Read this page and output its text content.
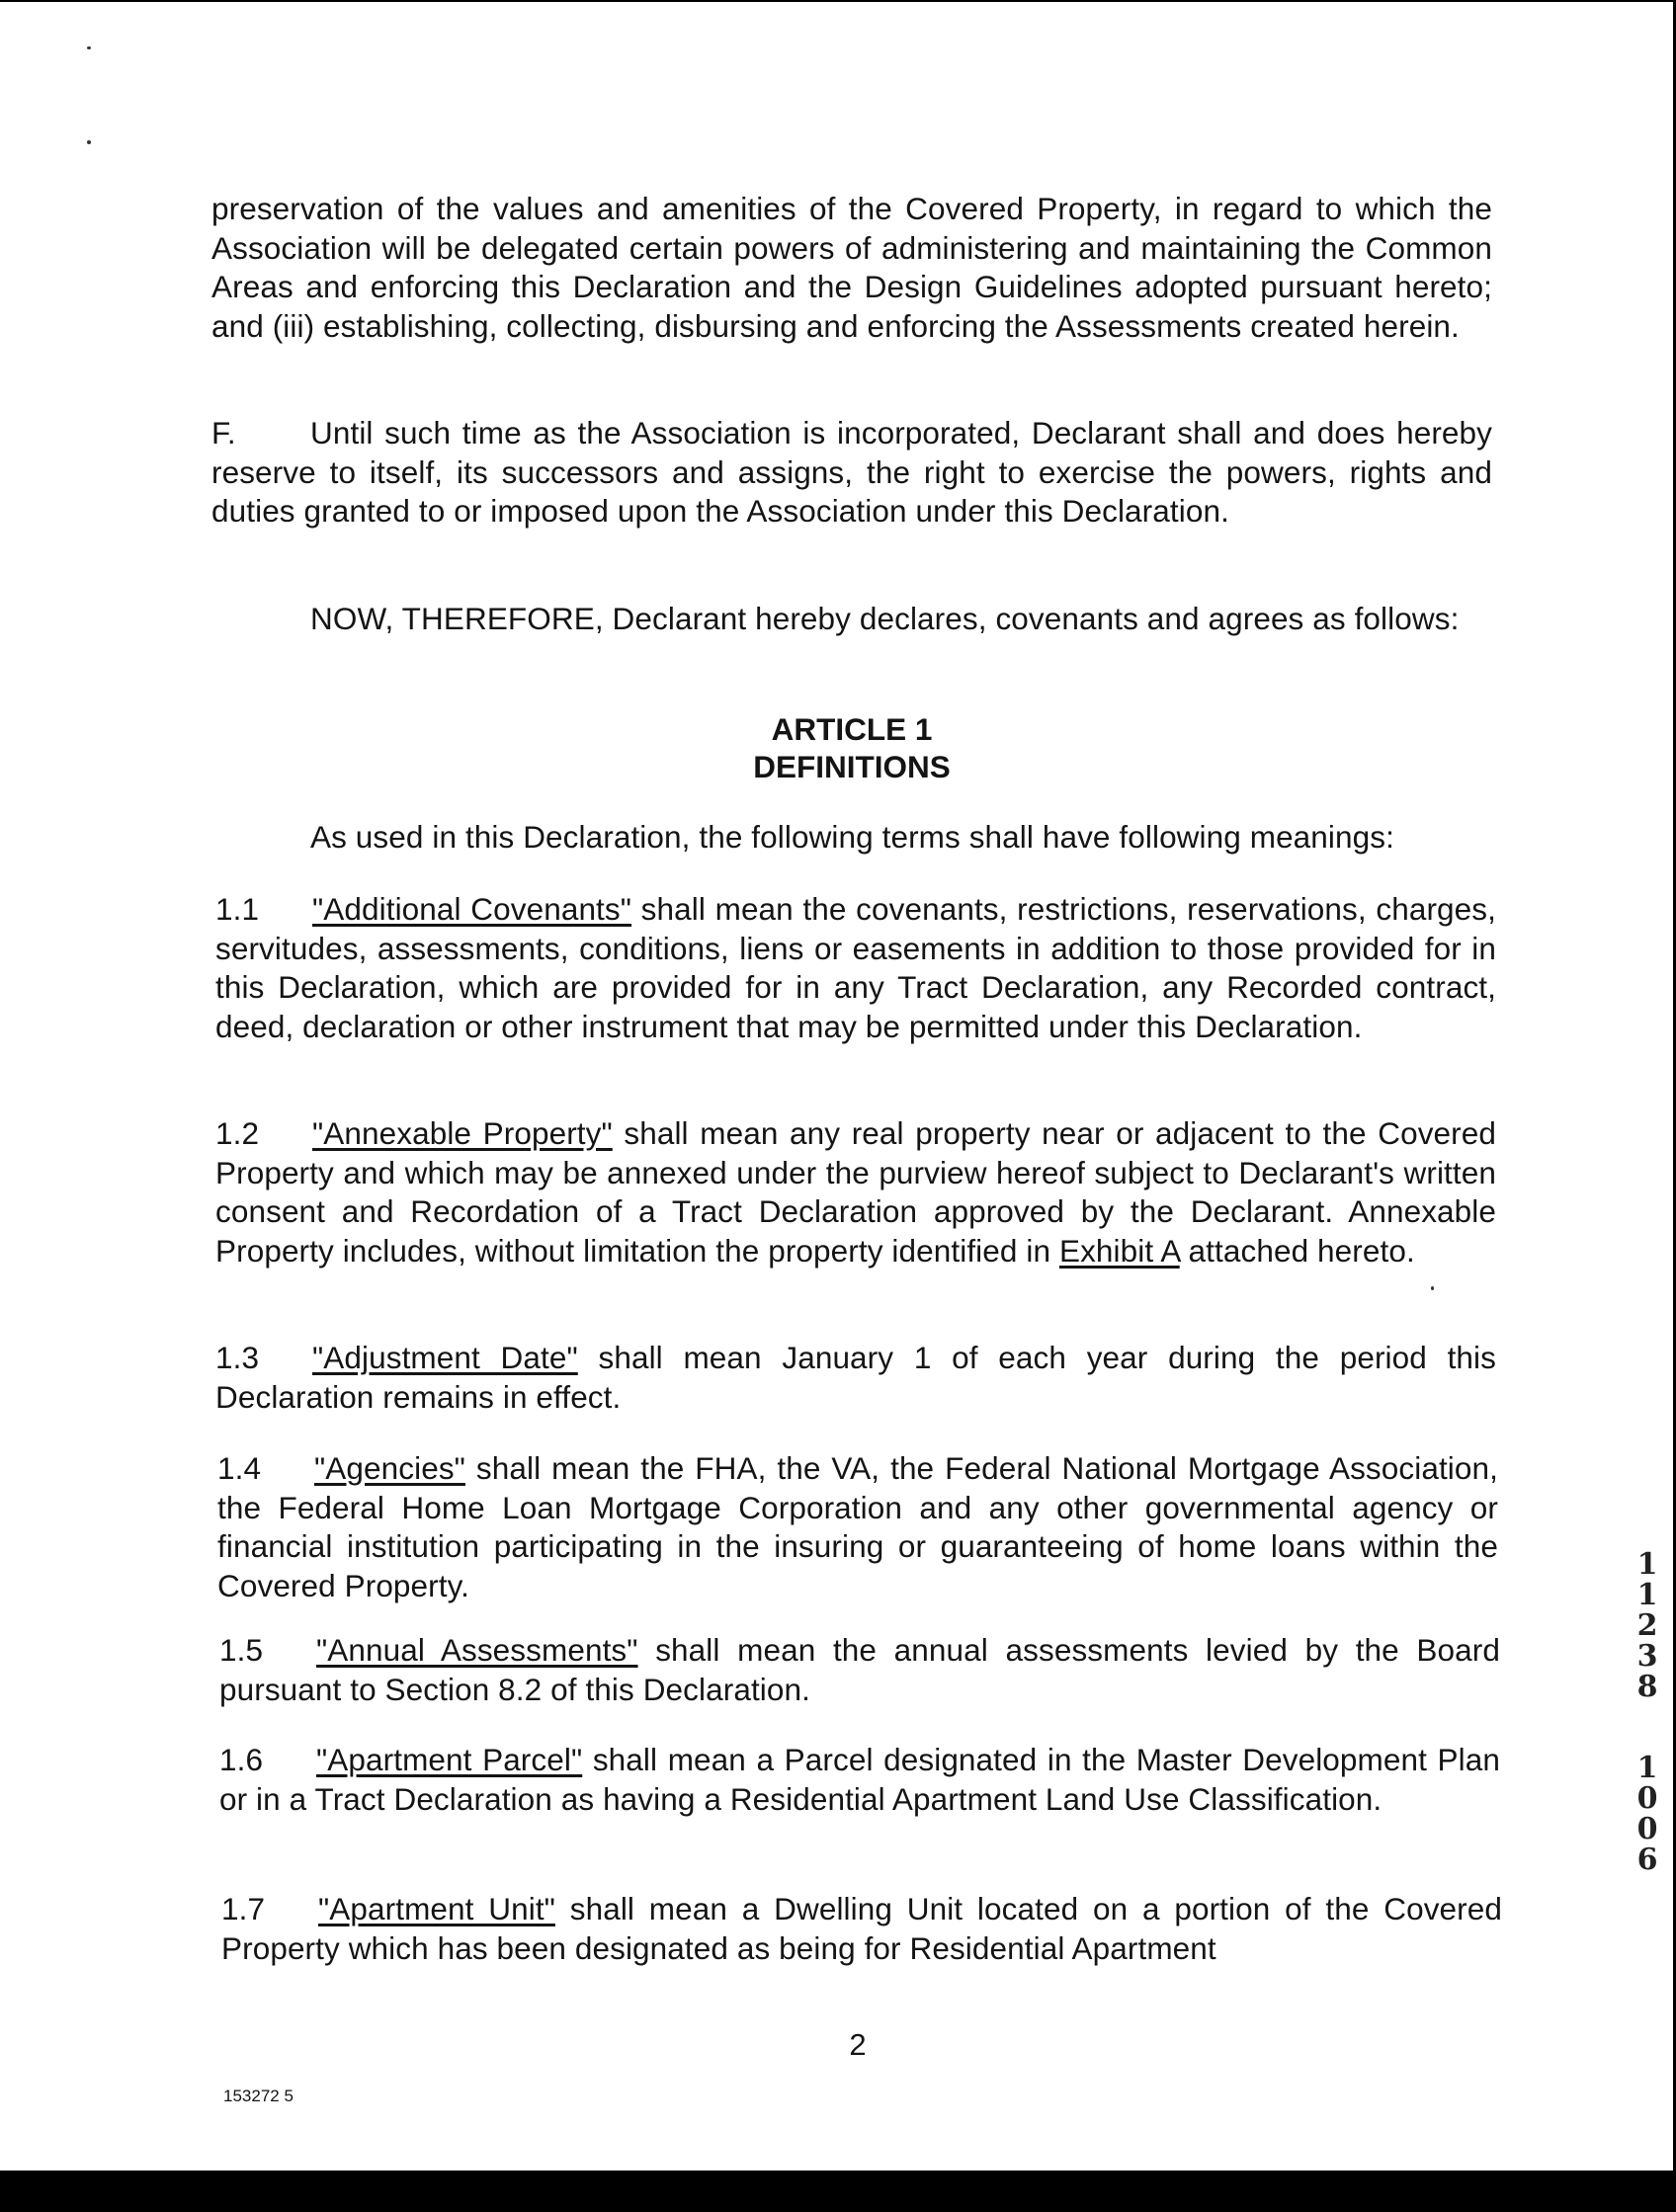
preservation of the values and amenities of the Covered Property, in regard to which the Association will be delegated certain powers of administering and maintaining the Common Areas and enforcing this Declaration and the Design Guidelines adopted pursuant hereto; and (iii) establishing, collecting, disbursing and enforcing the Assessments created herein.

F. Until such time as the Association is incorporated, Declarant shall and does hereby reserve to itself, its successors and assigns, the right to exercise the powers, rights and duties granted to or imposed upon the Association under this Declaration.

NOW, THEREFORE, Declarant hereby declares, covenants and agrees as follows:

ARTICLE 1
DEFINITIONS

As used in this Declaration, the following terms shall have following meanings:

1.1 "Additional Covenants" shall mean the covenants, restrictions, reservations, charges, servitudes, assessments, conditions, liens or easements in addition to those provided for in this Declaration, which are provided for in any Tract Declaration, any Recorded contract, deed, declaration or other instrument that may be permitted under this Declaration.

1.2 "Annexable Property" shall mean any real property near or adjacent to the Covered Property and which may be annexed under the purview hereof subject to Declarant's written consent and Recordation of a Tract Declaration approved by the Declarant. Annexable Property includes, without limitation the property identified in Exhibit A attached hereto.

1.3 "Adjustment Date" shall mean January 1 of each year during the period this Declaration remains in effect.

1.4 "Agencies" shall mean the FHA, the VA, the Federal National Mortgage Association, the Federal Home Loan Mortgage Corporation and any other governmental agency or financial institution participating in the insuring or guaranteeing of home loans within the Covered Property.

1.5 "Annual Assessments" shall mean the annual assessments levied by the Board pursuant to Section 8.2 of this Declaration.

1.6 "Apartment Parcel" shall mean a Parcel designated in the Master Development Plan or in a Tract Declaration as having a Residential Apartment Land Use Classification.

1.7 "Apartment Unit" shall mean a Dwelling Unit located on a portion of the Covered Property which has been designated as being for Residential Apartment

2
153272 5
1
1
2
3
8
1
0
0
6
